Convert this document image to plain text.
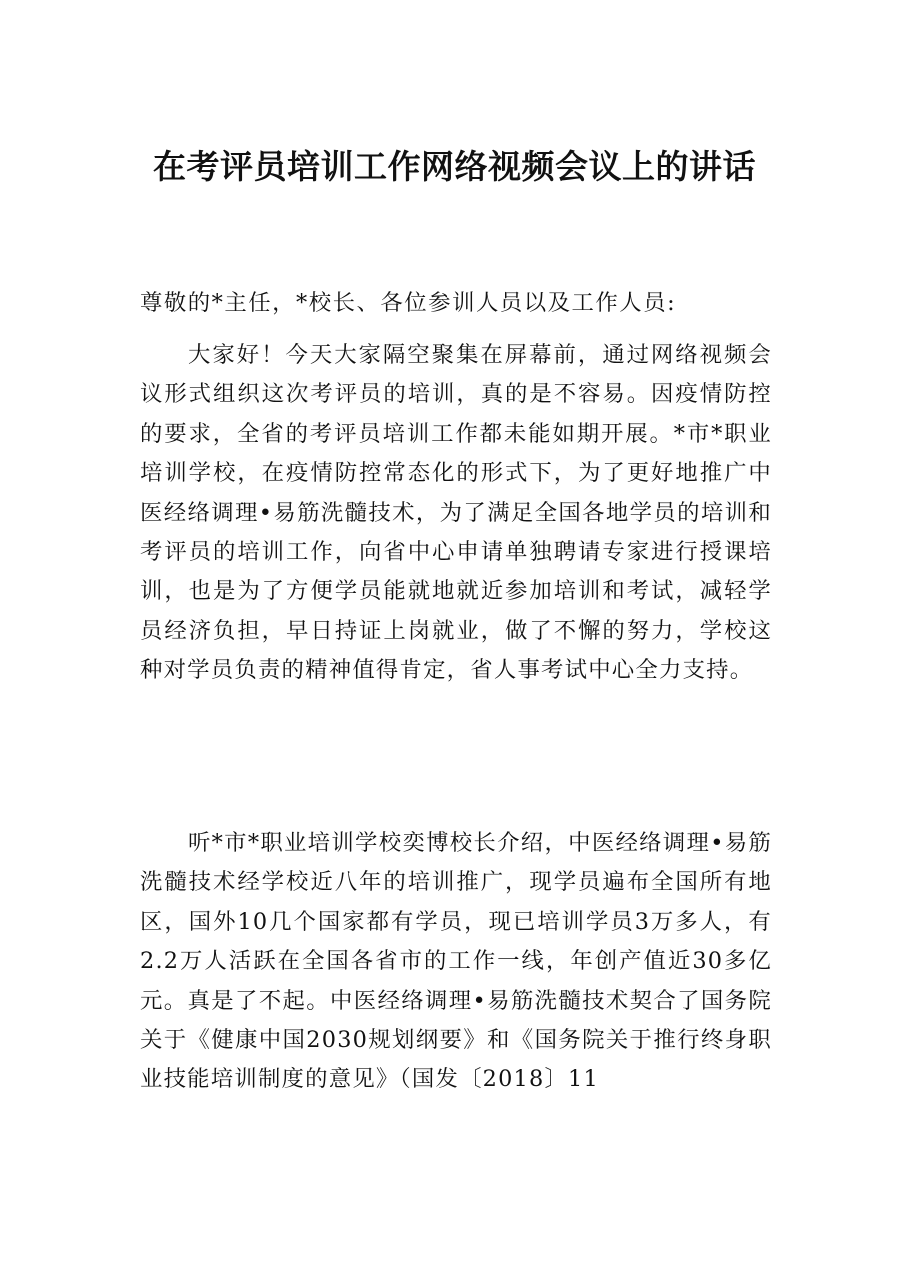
在考评员培训工作网络视频会议上的讲话

尊敬的*主任，*校长、各位参训人员以及工作人员:

大家好！今天大家隔空聚集在屏幕前，通过网络视频会议形式组织这次考评员的培训，真的是不容易。因疫情防控的要求，全省的考评员培训工作都未能如期开展。*市*职业培训学校，在疫情防控常态化的形式下，为了更好地推广中医经络调理•易筋洗髓技术，为了满足全国各地学员的培训和考评员的培训工作，向省中心申请单独聘请专家进行授课培训，也是为了方便学员能就地就近参加培训和考试，减轻学员经济负担，早日持证上岗就业，做了不懈的努力，学校这种对学员负责的精神值得肯定，省人事考试中心全力支持。

听*市*职业培训学校奕博校长介绍，中医经络调理•易筋洗髓技术经学校近八年的培训推广，现学员遍布全国所有地区，国外10几个国家都有学员，现已培训学员3万多人，有2.2万人活跃在全国各省市的工作一线，年创产值近30多亿元。真是了不起。中医经络调理•易筋洗髓技术契合了国务院关于《健康中国2030规划纲要》和《国务院关于推行终身职业技能培训制度的意见》（国发〔2018〕11
